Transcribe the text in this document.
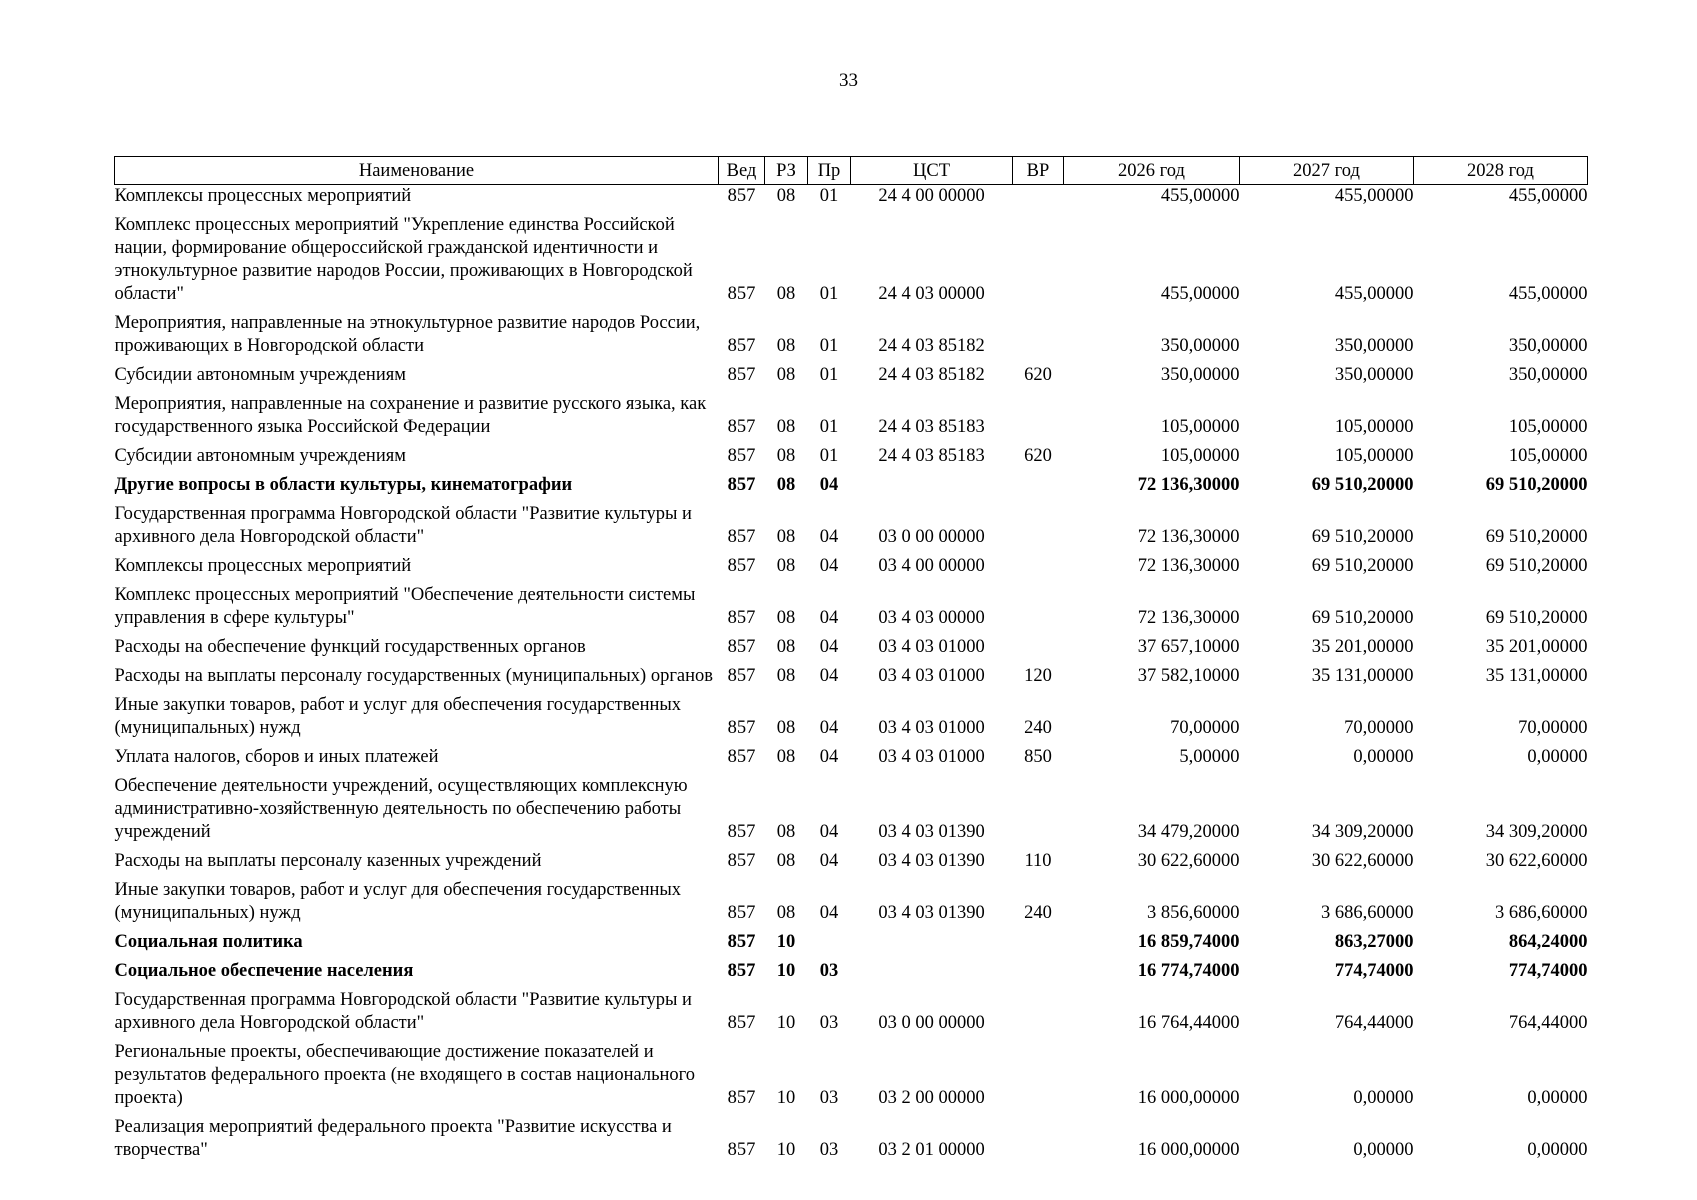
33
Наименование	Вед	РЗ	Пр	ЦСТ	ВР	2026 год	2027 год	2028 год
Комплексы процессных мероприятий	857	08	01	24 4 00 00000		455,00000	455,00000	455,00000
Комплекс процессных мероприятий "Укрепление единства Российской нации, формирование общероссийской гражданской идентичности и этнокультурное развитие народов России, проживающих в Новгородской области"	857	08	01	24 4 03 00000		455,00000	455,00000	455,00000
Мероприятия, направленные на этнокультурное развитие народов России, проживающих в Новгородской области	857	08	01	24 4 03 85182		350,00000	350,00000	350,00000
Субсидии автономным учреждениям	857	08	01	24 4 03 85182	620	350,00000	350,00000	350,00000
Мероприятия, направленные на сохранение и развитие русского языка, как государственного языка Российской Федерации	857	08	01	24 4 03 85183		105,00000	105,00000	105,00000
Субсидии автономным учреждениям	857	08	01	24 4 03 85183	620	105,00000	105,00000	105,00000
Другие вопросы в области культуры, кинематографии	857	08	04			72 136,30000	69 510,20000	69 510,20000
Государственная программа Новгородской области "Развитие культуры и архивного дела Новгородской области"	857	08	04	03 0 00 00000		72 136,30000	69 510,20000	69 510,20000
Комплексы процессных мероприятий	857	08	04	03 4 00 00000		72 136,30000	69 510,20000	69 510,20000
Комплекс процессных мероприятий "Обеспечение деятельности системы управления в сфере культуры"	857	08	04	03 4 03 00000		72 136,30000	69 510,20000	69 510,20000
Расходы на обеспечение функций государственных органов	857	08	04	03 4 03 01000		37 657,10000	35 201,00000	35 201,00000
Расходы на выплаты персоналу государственных (муниципальных) органов	857	08	04	03 4 03 01000	120	37 582,10000	35 131,00000	35 131,00000
Иные закупки товаров, работ и услуг для обеспечения государственных (муниципальных) нужд	857	08	04	03 4 03 01000	240	70,00000	70,00000	70,00000
Уплата налогов, сборов и иных платежей	857	08	04	03 4 03 01000	850	5,00000	0,00000	0,00000
Обеспечение деятельности учреждений, осуществляющих комплексную административно-хозяйственную деятельность по обеспечению работы учреждений	857	08	04	03 4 03 01390		34 479,20000	34 309,20000	34 309,20000
Расходы на выплаты персоналу казенных учреждений	857	08	04	03 4 03 01390	110	30 622,60000	30 622,60000	30 622,60000
Иные закупки товаров, работ и услуг для обеспечения государственных (муниципальных) нужд	857	08	04	03 4 03 01390	240	3 856,60000	3 686,60000	3 686,60000
Социальная политика	857	10				16 859,74000	863,27000	864,24000
Социальное обеспечение населения	857	10	03			16 774,74000	774,74000	774,74000
Государственная программа Новгородской области "Развитие культуры и архивного дела Новгородской области"	857	10	03	03 0 00 00000		16 764,44000	764,44000	764,44000
Региональные проекты, обеспечивающие достижение показателей и результатов федерального проекта (не входящего в состав национального проекта)	857	10	03	03 2 00 00000		16 000,00000	0,00000	0,00000
Реализация мероприятий федерального проекта "Развитие искусства и творчества"	857	10	03	03 2 01 00000		16 000,00000	0,00000	0,00000
